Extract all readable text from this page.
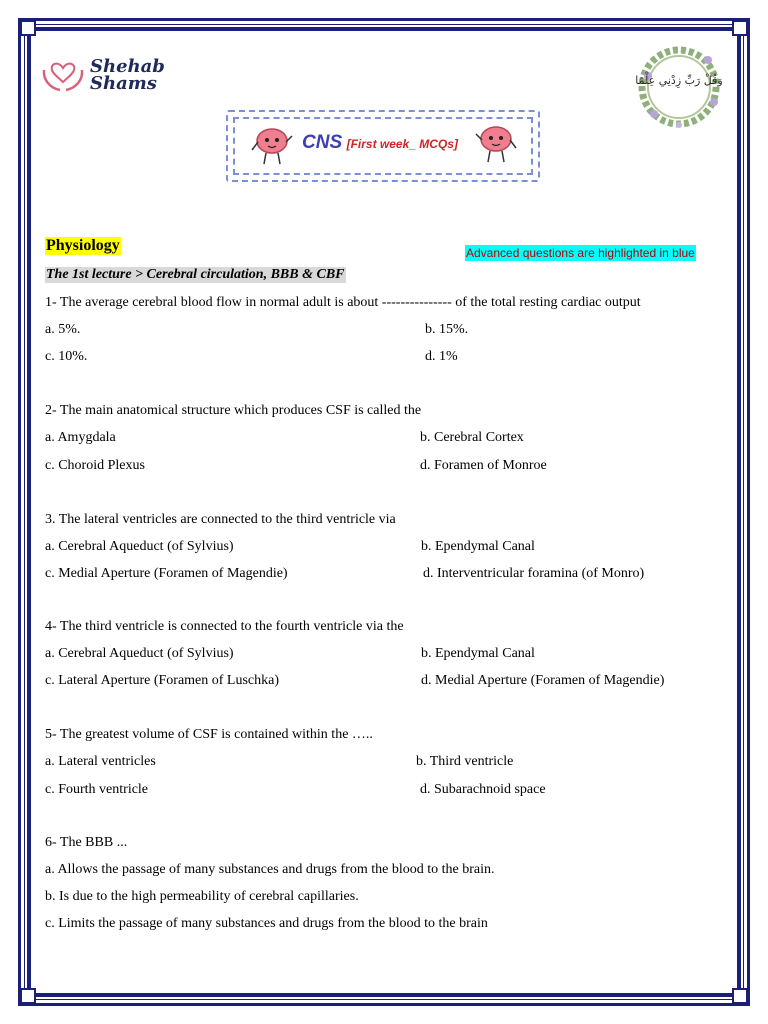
Shehab
Shams	وَقُلْ رَبِّ زِدْنِي عِلْمًا
CNS [First week_ MCQs]
Physiology	Advanced questions are highlighted in blue
The 1st lecture > Cerebral circulation, BBB & CBF
1- The average cerebral blood flow in normal adult is about --------------- of the total resting cardiac output
a. 5%.	b. 15%.
c. 10%.	d. 1%
2- The main anatomical structure which produces CSF is called the
a. Amygdala	b. Cerebral Cortex
c. Choroid Plexus	d. Foramen of Monroe
3. The lateral ventricles are connected to the third ventricle via
a. Cerebral Aqueduct (of Sylvius)	b. Ependymal Canal
c. Medial Aperture (Foramen of Magendie)	d. Interventricular foramina (of Monro)
4- The third ventricle is connected to the fourth ventricle via the
a. Cerebral Aqueduct (of Sylvius)	b. Ependymal Canal
c. Lateral Aperture (Foramen of Luschka)	d. Medial Aperture (Foramen of Magendie)
5- The greatest volume of CSF is contained within the …..
a. Lateral ventricles	b. Third ventricle
c. Fourth ventricle	d. Subarachnoid space
6- The BBB ...
a. Allows the passage of many substances and drugs from the blood to the brain.
b. Is due to the high permeability of cerebral capillaries.
c. Limits the passage of many substances and drugs from the blood to the brain
